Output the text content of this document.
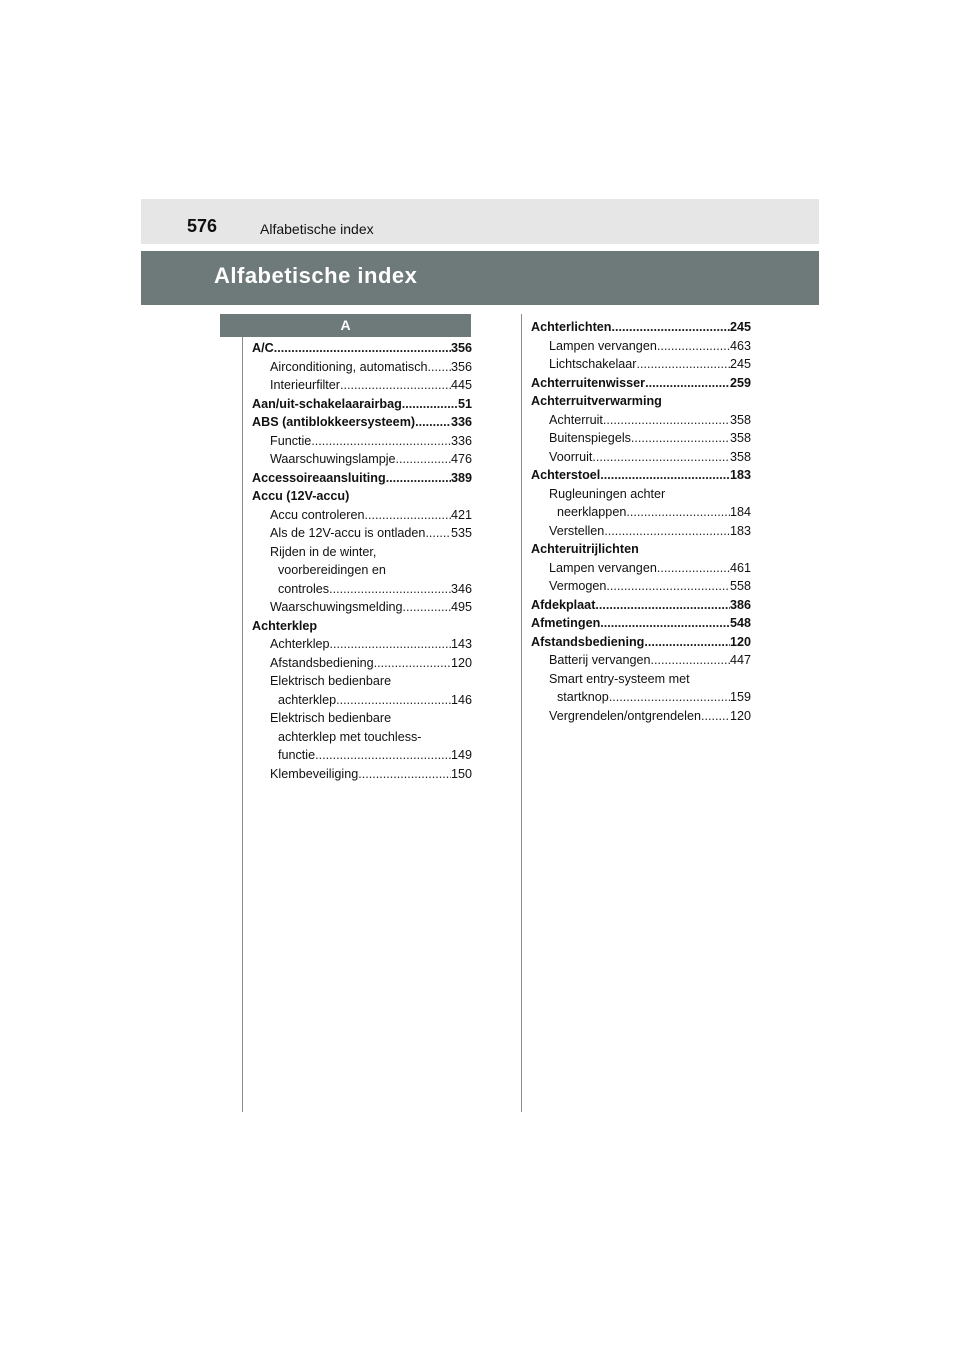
576	Alfabetische index
Alfabetische index
A
A/C .....	356
Airconditioning, automatisch ..... 356
Interieurfilter .....	445
Aan/uit-schakelaarairbag .....	51
ABS (antiblokkeersysteem) .....	336
Functie .....	336
Waarschuwingslampje .....	476
Accessoireaansluiting .....	389
Accu (12V-accu)
Accu controleren .....	421
Als de 12V-accu is ontladen ..... 535
Rijden in de winter,
voorbereidingen en
controles .....	346
Waarschuwingsmelding .....	495
Achterklep
Achterklep .....	143
Afstandsbediening .....	120
Elektrisch bedienbare
achterklep .....	146
Elektrisch bedienbare
achterklep met touchless-
functie .....	149
Klembeveiliging .....	150
Achterlichten .....	245
Lampen vervangen .....	463
Lichtschakelaar .....	245
Achterruitenwisser .....	259
Achterruitverwarming
Achterruit .....	358
Buitenspiegels .....	358
Voorruit .....	358
Achterstoel .....	183
Rugleuningen achter
neerklappen .....	184
Verstellen .....	183
Achteruitrijlichten
Lampen vervangen .....	461
Vermogen .....	558
Afdekplaat .....	386
Afmetingen .....	548
Afstandsbediening .....	120
Batterij vervangen .....	447
Smart entry-systeem met
startknop .....	159
Vergrendelen/ontgrendelen ..... 120
